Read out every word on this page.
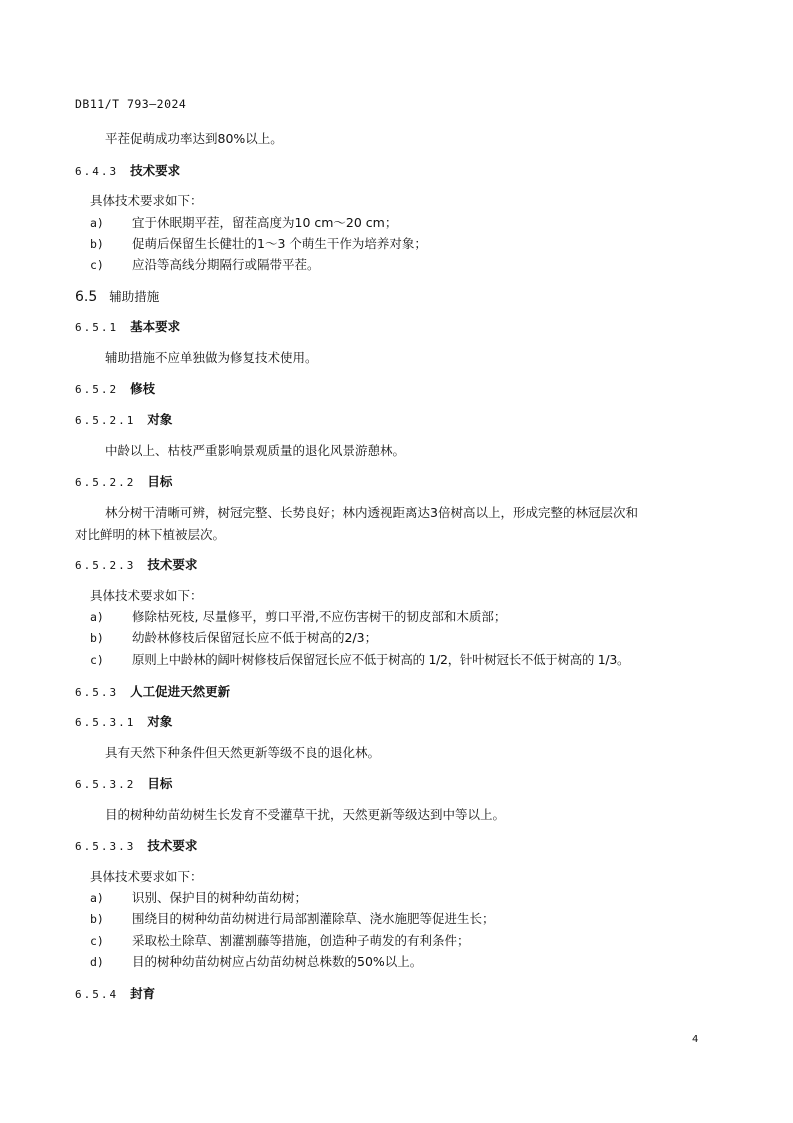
DB11/T 793—2024
平茬促萌成功率达到80%以上。
6.4.3 技术要求
具体技术要求如下：
a) 宜于休眠期平茬，留茬高度为10 cm～20 cm；
b) 促萌后保留生长健壮的1～3 个萌生干作为培养对象；
c) 应沿等高线分期隔行或隔带平茬。
6.5 辅助措施
6.5.1 基本要求
辅助措施不应单独做为修复技术使用。
6.5.2 修枝
6.5.2.1 对象
中龄以上、枯枝严重影响景观质量的退化风景游憩林。
6.5.2.2 目标
林分树干清晰可辨，树冠完整、长势良好；林内透视距离达3倍树高以上，形成完整的林冠层次和
对比鲜明的林下植被层次。
6.5.2.3 技术要求
具体技术要求如下：
a) 修除枯死枝, 尽量修平，剪口平滑,不应伤害树干的韧皮部和木质部；
b) 幼龄林修枝后保留冠长应不低于树高的2/3；
c) 原则上中龄林的阔叶树修枝后保留冠长应不低于树高的 1/2，针叶树冠长不低于树高的 1/3。
6.5.3 人工促进天然更新
6.5.3.1 对象
具有天然下种条件但天然更新等级不良的退化林。
6.5.3.2 目标
目的树种幼苗幼树生长发育不受灌草干扰，天然更新等级达到中等以上。
6.5.3.3 技术要求
具体技术要求如下：
a) 识别、保护目的树种幼苗幼树；
b) 围绕目的树种幼苗幼树进行局部割灌除草、浇水施肥等促进生长；
c) 采取松土除草、割灌割藤等措施，创造种子萌发的有利条件；
d) 目的树种幼苗幼树应占幼苗幼树总株数的50%以上。
6.5.4 封育
4
